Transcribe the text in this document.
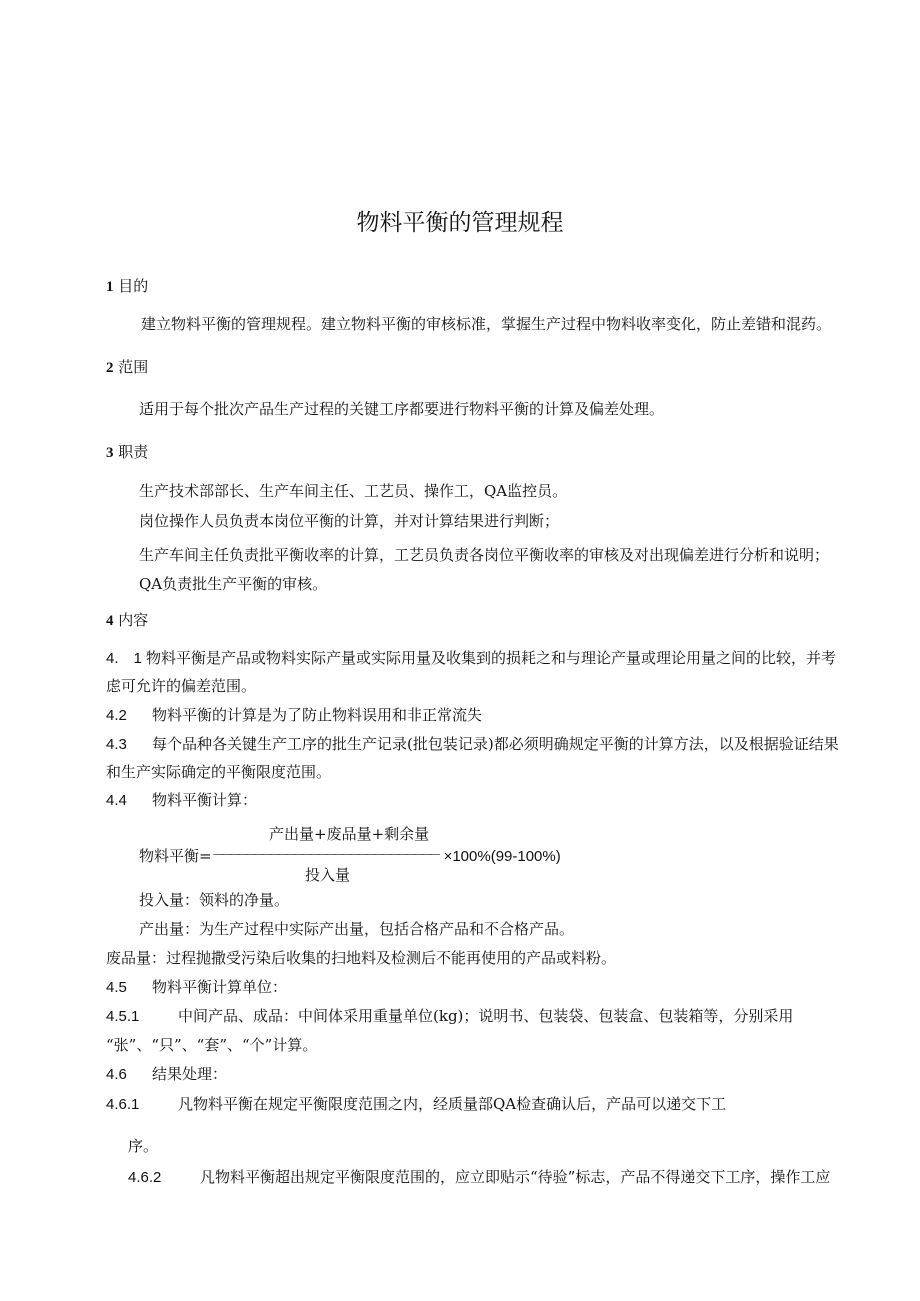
物料平衡的管理规程
1 目的
建立物料平衡的管理规程。建立物料平衡的审核标准，掌握生产过程中物料收率变化，防止差错和混药。
2 范围
适用于每个批次产品生产过程的关键工序都要进行物料平衡的计算及偏差处理。
3 职责
生产技术部部长、生产车间主任、工艺员、操作工，QA监控员。
岗位操作人员负责本岗位平衡的计算，并对计算结果进行判断；
生产车间主任负责批平衡收率的计算，工艺员负责各岗位平衡收率的审核及对出现偏差进行分析和说明；
QA负责批生产平衡的审核。
4 内容
4.　1 物料平衡是产品或物料实际产量或实际用量及收集到的损耗之和与理论产量或理论用量之间的比较，并考
虑可允许的偏差范围。
4.2 物料平衡的计算是为了防止物料误用和非正常流失
4.3 每个品种各关键生产工序的批生产记录(批包装记录)都必须明确规定平衡的计算方法，以及根据验证结果
和生产实际确定的平衡限度范围。
4.4 物料平衡计算：
产出量+废品量+剩余量
物料平衡=－－－－－－－－－－－－－－－－－－－－－－－－－－－－ ×100%(99-100%)
投入量
投入量：领料的净量。
产出量：为生产过程中实际产出量，包括合格产品和不合格产品。
废品量：过程抛撒受污染后收集的扫地料及检测后不能再使用的产品或料粉。
4.5 物料平衡计算单位：
4.5.1	中间产品、成品：中间体采用重量单位(kg)；说明书、包装袋、包装盒、包装箱等，分别采用
“张”、“只”、“套”、“个”计算。
4.6 结果处理：
4.6.1	凡物料平衡在规定平衡限度范围之内，经质量部QA检查确认后，产品可以递交下工
序。
4.6.2	凡物料平衡超出规定平衡限度范围的，应立即贴示“待验”标志，产品不得递交下工序，操作工应
